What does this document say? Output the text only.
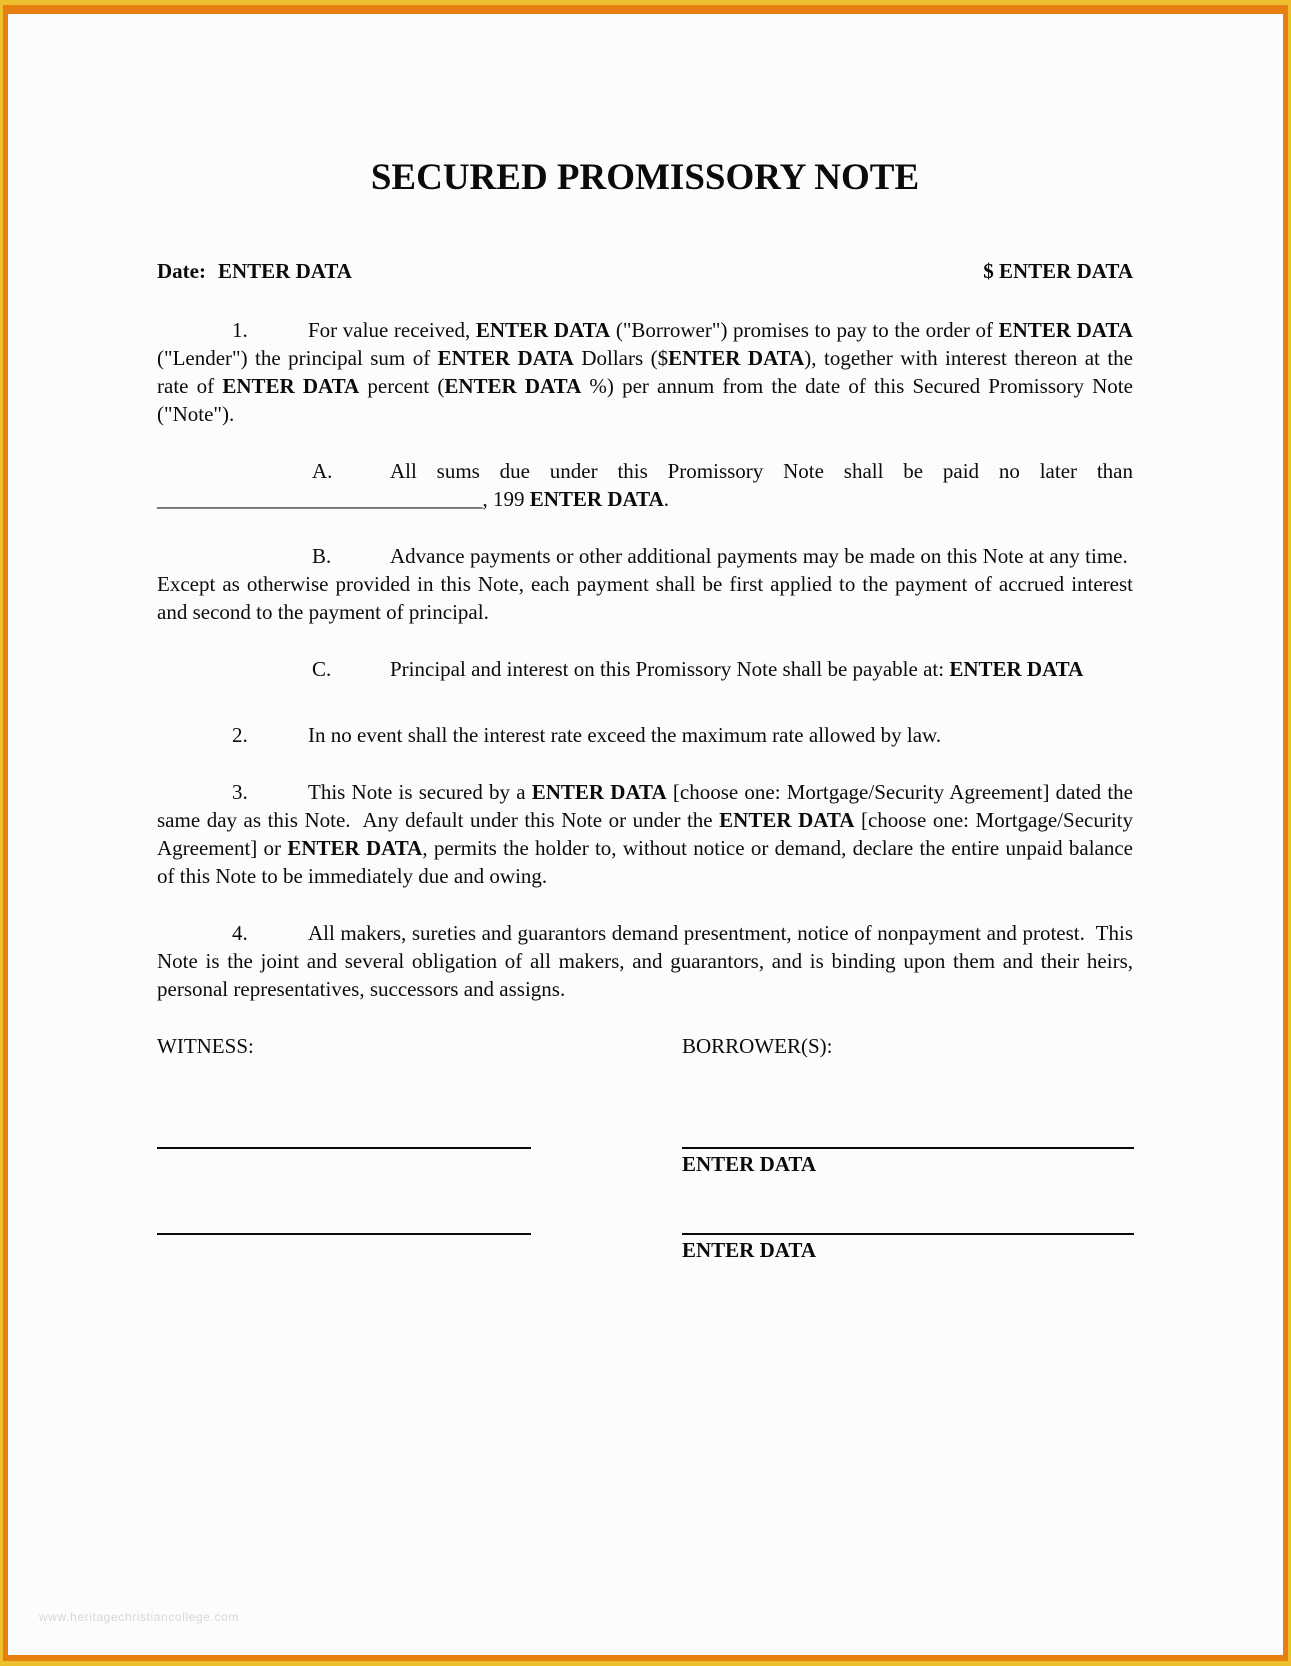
SECURED PROMISSORY NOTE
Date: ENTER DATA	$ ENTER DATA

1.	For value received, ENTER DATA ("Borrower") promises to pay to the order of ENTER DATA ("Lender") the principal sum of ENTER DATA Dollars ($ENTER DATA), together with interest thereon at the rate of ENTER DATA percent (ENTER DATA %) per annum from the date of this Secured Promissory Note ("Note").

A.	All sums due under this Promissory Note shall be paid no later than _______________________________, 199 ENTER DATA.

B.	Advance payments or other additional payments may be made on this Note at any time.  Except as otherwise provided in this Note, each payment shall be first applied to the payment of accrued interest and second to the payment of principal.

C.	Principal and interest on this Promissory Note shall be payable at: ENTER DATA

2.	In no event shall the interest rate exceed the maximum rate allowed by law.

3.	This Note is secured by a ENTER DATA [choose one: Mortgage/Security Agreement] dated the same day as this Note.  Any default under this Note or under the ENTER DATA [choose one: Mortgage/Security Agreement] or ENTER DATA, permits the holder to, without notice or demand, declare the entire unpaid balance of this Note to be immediately due and owing.

4.	All makers, sureties and guarantors demand presentment, notice of nonpayment and protest.  This Note is the joint and several obligation of all makers, and guarantors, and is binding upon them and their heirs, personal representatives, successors and assigns.

WITNESS:	BORROWER(S):
ENTER DATA
ENTER DATA
www.heritagechristiancollege.com
